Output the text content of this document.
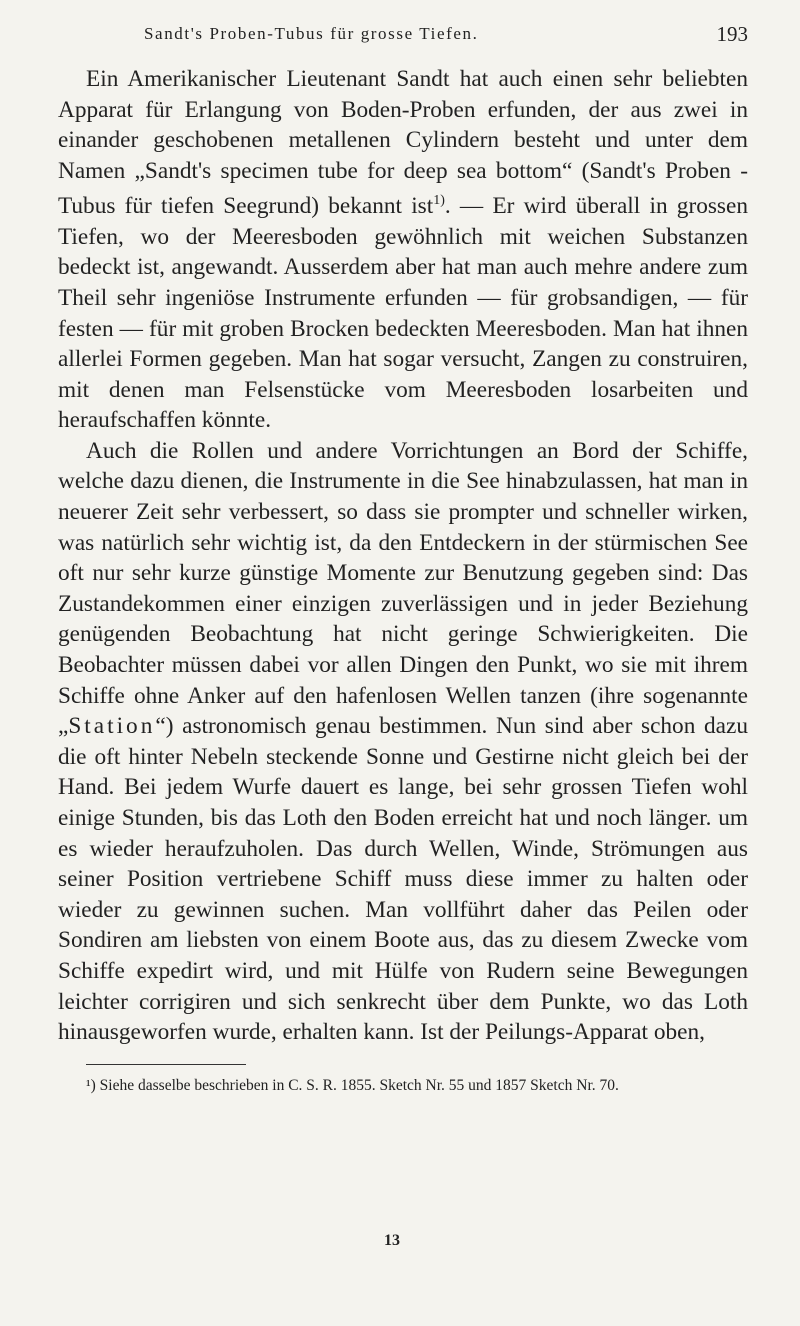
Sandt's Proben-Tubus für grosse Tiefen.	193

Ein Amerikanischer Lieutenant Sandt hat auch einen sehr beliebten Apparat für Erlangung von Boden-Proben erfunden, der aus zwei in einander geschobenen metallenen Cylindern besteht und unter dem Namen „Sandt's specimen tube for deep sea bottom“ (Sandt's Proben - Tubus für tiefen Seegrund) bekannt ist$^{1)}$. — Er wird überall in grossen Tiefen, wo der Meeresboden gewöhnlich mit weichen Substanzen bedeckt ist, angewandt. Ausserdem aber hat man auch mehre andere zum Theil sehr ingeniöse Instrumente erfunden — für grobsandigen, — für festen — für mit groben Brocken bedeckten Meeresboden. Man hat ihnen allerlei Formen gegeben. Man hat sogar versucht, Zangen zu construiren, mit denen man Felsenstücke vom Meeresboden losarbeiten und heraufschaffen könnte.

Auch die Rollen und andere Vorrichtungen an Bord der Schiffe, welche dazu dienen, die Instrumente in die See hinabzulassen, hat man in neuerer Zeit sehr verbessert, so dass sie prompter und schneller wirken, was natürlich sehr wichtig ist, da den Entdeckern in der stürmischen See oft nur sehr kurze günstige Momente zur Benutzung gegeben sind: Das Zustandekommen einer einzigen zuverlässigen und in jeder Beziehung genügenden Beobachtung hat nicht geringe Schwierigkeiten. Die Beobachter müssen dabei vor allen Dingen den Punkt, wo sie mit ihrem Schiffe ohne Anker auf den hafenlosen Wellen tanzen (ihre sogenannte „Station“) astronomisch genau bestimmen. Nun sind aber schon dazu die oft hinter Nebeln steckende Sonne und Gestirne nicht gleich bei der Hand. Bei jedem Wurfe dauert es lange, bei sehr grossen Tiefen wohl einige Stunden, bis das Loth den Boden erreicht hat und noch länger. um es wieder heraufzuholen. Das durch Wellen, Winde, Strömungen aus seiner Position vertriebene Schiff muss diese immer zu halten oder wieder zu gewinnen suchen. Man vollführt daher das Peilen oder Sondiren am liebsten von einem Boote aus, das zu diesem Zwecke vom Schiffe expedirt wird, und mit Hülfe von Rudern seine Bewegungen leichter corrigiren und sich senkrecht über dem Punkte, wo das Loth hinausgeworfen wurde, erhalten kann. Ist der Peilungs-Apparat oben,

¹) Siehe dasselbe beschrieben in C. S. R. 1855. Sketch Nr. 55 und 1857 Sketch Nr. 70.

13
